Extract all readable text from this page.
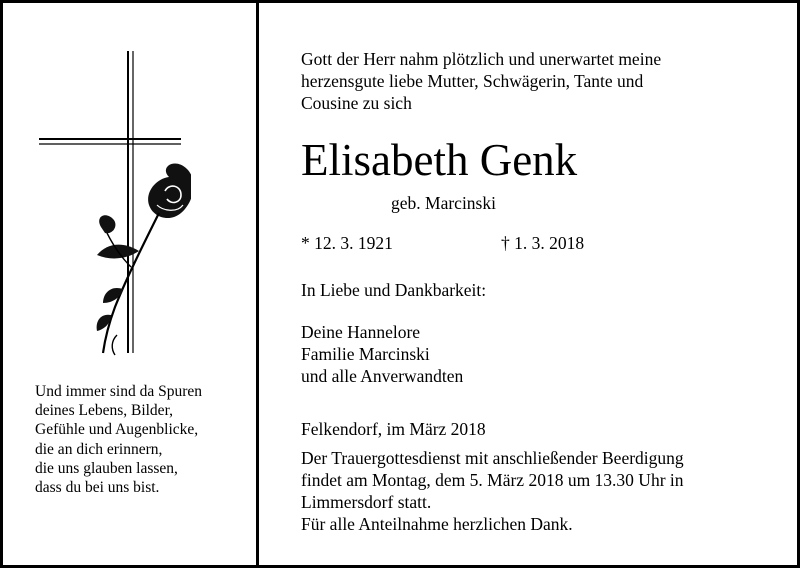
Und immer sind da Spuren
deines Lebens, Bilder,
Gefühle und Augenblicke,
die an dich erinnern,
die uns glauben lassen,
dass du bei uns bist.
Gott der Herr nahm plötzlich und unerwartet meine
herzensgute liebe Mutter, Schwägerin, Tante und
Cousine zu sich
Elisabeth Genk
geb. Marcinski
* 12. 3. 1921	† 1. 3. 2018
In Liebe und Dankbarkeit:
Deine Hannelore
Familie Marcinski
und alle Anverwandten
Felkendorf, im März 2018
Der Trauergottesdienst mit anschließender Beerdigung
findet am Montag, dem 5. März 2018 um 13.30 Uhr in
Limmersdorf statt.
Für alle Anteilnahme herzlichen Dank.
